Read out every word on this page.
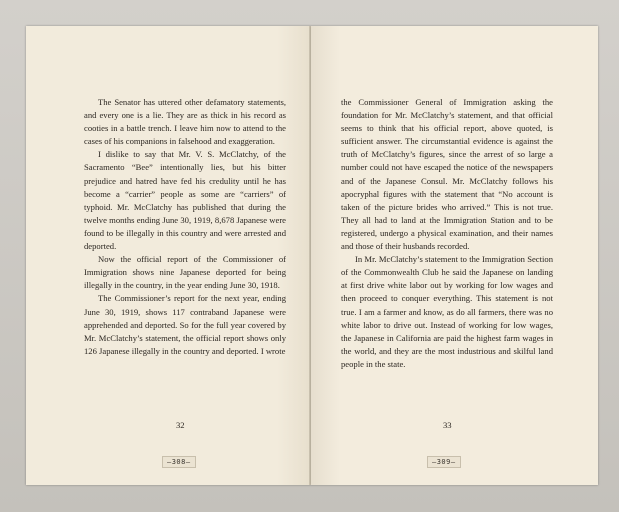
The Senator has uttered other defamatory statements, and every one is a lie. They are as thick in his record as cooties in a battle trench. I leave him now to attend to the cases of his companions in falsehood and exaggeration.

I dislike to say that Mr. V. S. McClatchy, of the Sacramento “Bee” intentionally lies, but his bitter prejudice and hatred have fed his credulity until he has become a “carrier” people as some are “carriers” of typhoid. Mr. McClatchy has published that during the twelve months ending June 30, 1919, 8,678 Japanese were found to be illegally in this country and were arrested and deported.

Now the official report of the Commissioner of Immigration shows nine Japanese deported for being illegally in the country, in the year ending June 30, 1918.

The Commissioner’s report for the next year, ending June 30, 1919, shows 117 contraband Japanese were apprehended and deported. So for the full year covered by Mr. McClatchy’s statement, the official report shows only 126 Japanese illegally in the country and deported. I wrote

32
—308—

the Commissioner General of Immigration asking the foundation for Mr. McClatchy’s statement, and that official seems to think that his official report, above quoted, is sufficient answer. The circumstantial evidence is against the truth of McClatchy’s figures, since the arrest of so large a number could not have escaped the notice of the newspapers and of the Japanese Consul. Mr. McClatchy follows his apocryphal figures with the statement that “No account is taken of the picture brides who arrived.” This is not true. They all had to land at the Immigration Station and to be registered, undergo a physical examination, and their names and those of their husbands recorded.

In Mr. McClatchy’s statement to the Immigration Section of the Commonwealth Club he said the Japanese on landing at first drive white labor out by working for low wages and then proceed to conquer everything. This statement is not true. I am a farmer and know, as do all farmers, there was no white labor to drive out. Instead of working for low wages, the Japanese in California are paid the highest farm wages in the world, and they are the most industrious and skilful land people in the state.

33
—309—
